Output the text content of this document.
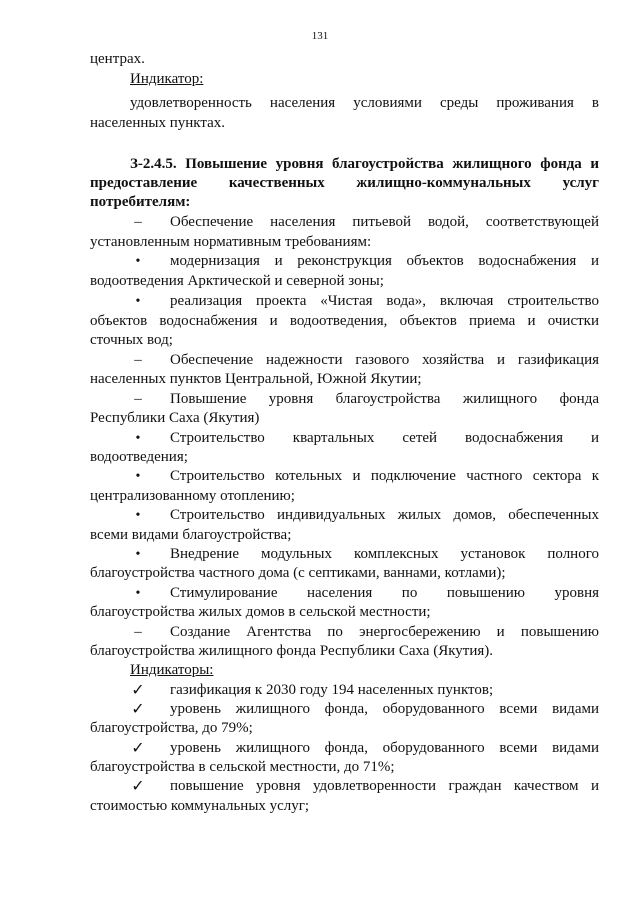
131
центрах.
Индикатор:
удовлетворенность населения условиями среды проживания в
населенных пунктах.
З-2.4.5. Повышение уровня благоустройства жилищного фонда и
предоставление качественных жилищно-коммунальных услуг
потребителям:
– Обеспечение населения питьевой водой, соответствующей
установленным нормативным требованиям:
•	модернизация и реконструкция объектов водоснабжения и
водоотведения Арктической и северной зоны;
•	реализация проекта «Чистая вода», включая строительство
объектов водоснабжения и водоотведения, объектов приема и очистки
сточных вод;
– Обеспечение надежности газового хозяйства и газификация
населенных пунктов Центральной, Южной Якутии;
– Повышение уровня благоустройства жилищного фонда
Республики Саха (Якутия)
•	Строительство квартальных сетей водоснабжения и
водоотведения;
•	Строительство котельных и подключение частного сектора к
централизованному отоплению;
•	Строительство индивидуальных жилых домов, обеспеченных
всеми видами благоустройства;
•	Внедрение модульных комплексных установок полного
благоустройства частного дома (с септиками, ваннами, котлами);
•	Стимулирование населения по повышению уровня
благоустройства жилых домов в сельской местности;
– Создание Агентства по энергосбережению и повышению
благоустройства жилищного фонда Республики Саха (Якутия).
Индикаторы:
✓ газификация к 2030 году 194 населенных пунктов;
✓ уровень жилищного фонда, оборудованного всеми видами
благоустройства, до 79%;
✓ уровень жилищного фонда, оборудованного всеми видами
благоустройства в сельской местности, до 71%;
✓ повышение уровня удовлетворенности граждан качеством и
стоимостью коммунальных услуг;
